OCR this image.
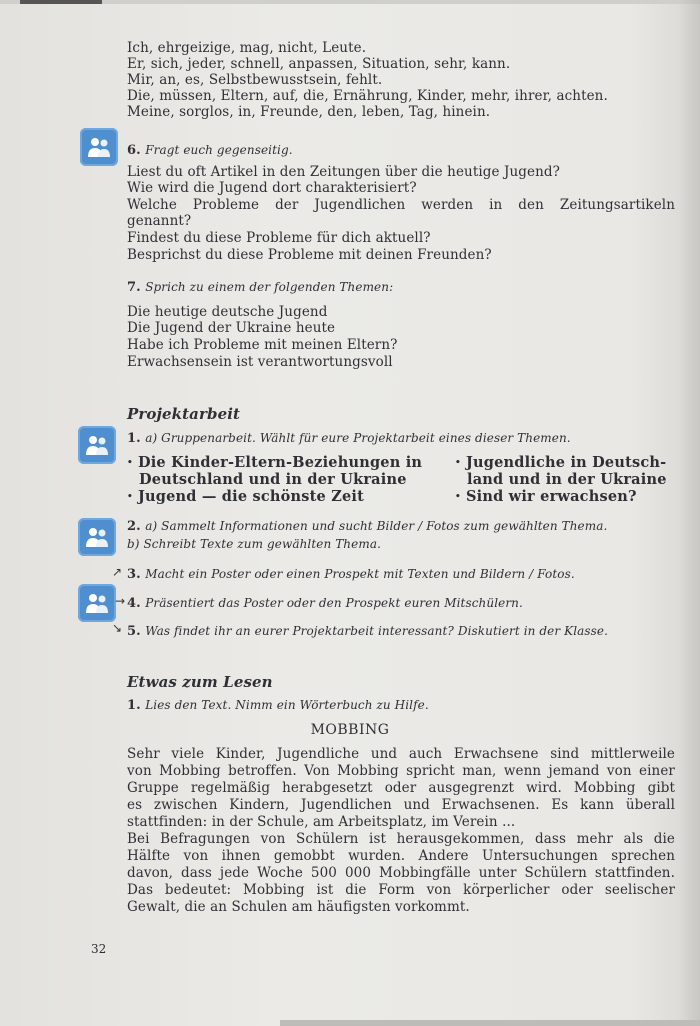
Ich, ehrgeizige, mag, nicht, Leute.
Er, sich, jeder, schnell, anpassen, Situation, sehr, kann.
Mir, an, es, Selbstbewusstsein, fehlt.
Die, müssen, Eltern, auf, die, Ernährung, Kinder, mehr, ihrer, achten.
Meine, sorglos, in, Freunde, den, leben, Tag, hinein.
6. Fragt euch gegenseitig.
Liest du oft Artikel in den Zeitungen über die heutige Jugend?
Wie wird die Jugend dort charakterisiert?
Welche Probleme der Jugendlichen werden in den Zeitungsartikeln
genannt?
Findest du diese Probleme für dich aktuell?
Besprichst du diese Probleme mit deinen Freunden?
7. Sprich zu einem der folgenden Themen:
Die heutige deutsche Jugend
Die Jugend der Ukraine heute
Habe ich Probleme mit meinen Eltern?
Erwachsensein ist verantwortungsvoll
Projektarbeit
1. a) Gruppenarbeit. Wählt für eure Projektarbeit eines dieser Themen.
• Die Kinder-Eltern-Beziehungen in
Deutschland und in der Ukraine
• Jugend — die schönste Zeit
• Jugendliche in Deutsch-
land und in der Ukraine
• Sind wir erwachsen?
2. a) Sammelt Informationen und sucht Bilder / Fotos zum gewählten Thema.
b) Schreibt Texte zum gewählten Thema.
↗ 3. Macht ein Poster oder einen Prospekt mit Texten und Bildern / Fotos.
→ 4. Präsentiert das Poster oder den Prospekt euren Mitschülern.
↘ 5. Was findet ihr an eurer Projektarbeit interessant? Diskutiert in der Klasse.
Etwas zum Lesen
1. Lies den Text. Nimm ein Wörterbuch zu Hilfe.
MOBBING
Sehr viele Kinder, Jugendliche und auch Erwachsene sind mittlerweile
von Mobbing betroffen. Von Mobbing spricht man, wenn jemand von einer
Gruppe regelmäßig herabgesetzt oder ausgegrenzt wird. Mobbing gibt
es zwischen Kindern, Jugendlichen und Erwachsenen. Es kann überall
stattfinden: in der Schule, am Arbeitsplatz, im Verein ...
Bei Befragungen von Schülern ist herausgekommen, dass mehr als die
Hälfte von ihnen gemobbt wurden. Andere Untersuchungen sprechen
davon, dass jede Woche 500 000 Mobbingfälle unter Schülern stattfinden.
Das bedeutet: Mobbing ist die Form von körperlicher oder seelischer
Gewalt, die an Schulen am häufigsten vorkommt.
32
